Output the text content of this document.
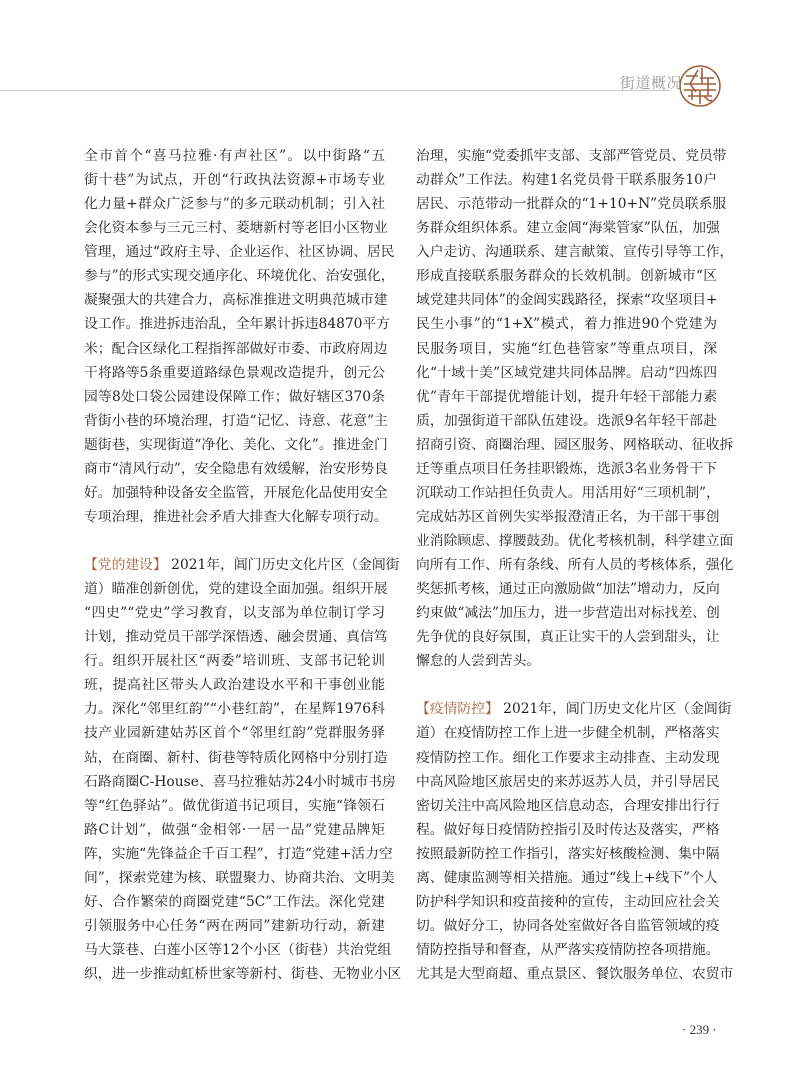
街道概况
全市首个“喜马拉雅·有声社区”。以中街路“五
街十巷”为试点，开创“行政执法资源+市场专业
化力量+群众广泛参与”的多元联动机制；引入社
会化资本参与三元三村、菱塘新村等老旧小区物业
管理，通过“政府主导、企业运作、社区协调、居民
参与”的形式实现交通序化、环境优化、治安强化，
凝聚强大的共建合力，高标准推进文明典范城市建
设工作。推进拆违治乱，全年累计拆违84870平方
米；配合区绿化工程指挥部做好市委、市政府周边
干将路等5条重要道路绿色景观改造提升，创元公
园等8处口袋公园建设保障工作；做好辖区370条
背街小巷的环境治理，打造“记忆、诗意、花意”主
题街巷，实现街道“净化、美化、文化”。推进金门
商市“清风行动”，安全隐患有效缓解，治安形势良
好。加强特种设备安全监管，开展危化品使用安全
专项治理，推进社会矛盾大排查大化解专项行动。
【党的建设】 2021年，阊门历史文化片区（金阊街
道）瞄准创新创优，党的建设全面加强。组织开展
“四史”“党史”学习教育，以支部为单位制订学习
计划，推动党员干部学深悟透、融会贯通、真信笃
行。组织开展社区“两委”培训班、支部书记轮训
班，提高社区带头人政治建设水平和干事创业能
力。深化“邻里红韵”“小巷红韵”，在星辉1976科
技产业园新建姑苏区首个“邻里红韵”党群服务驿
站，在商圈、新村、街巷等特质化网格中分别打造
石路商圈C-House、喜马拉雅姑苏24小时城市书房
等“红色驿站”。做优街道书记项目，实施“锋领石
路C计划”，做强“金相邻·一居一品”党建品牌矩
阵，实施“先锋益企千百工程”，打造“党建+活力空
间”，探索党建为核、联盟聚力、协商共治、文明美
好、合作繁荣的商圈党建“5C”工作法。深化党建
引领服务中心任务“两在两同”建新功行动，新建
马大箓巷、白莲小区等12个小区（街巷）共治党组
织，进一步推动虹桥世家等新村、街巷、无物业小区
治理，实施“党委抓牢支部、支部严管党员、党员带
动群众”工作法。构建1名党员骨干联系服务10户
居民、示范带动一批群众的“1+10+N”党员联系服
务群众组织体系。建立金阊“海棠管家”队伍，加强
入户走访、沟通联系、建言献策、宣传引导等工作，
形成直接联系服务群众的长效机制。创新城市“区
域党建共同体”的金阊实践路径，探索“攻坚项目+
民生小事”的“1+X”模式，着力推进90个党建为
民服务项目，实施“红色巷管家”等重点项目，深
化“十域十美”区域党建共同体品牌。启动“四炼四
优”青年干部提优增能计划，提升年轻干部能力素
质，加强街道干部队伍建设。选派9名年轻干部赴
招商引资、商圈治理、园区服务、网格联动、征收拆
迁等重点项目任务挂职锻炼，选派3名业务骨干下
沉联动工作站担任负责人。用活用好“三项机制”，
完成姑苏区首例失实举报澄清正名，为干部干事创
业消除顾虑、撑腰鼓劲。优化考核机制，科学建立面
向所有工作、所有条线、所有人员的考核体系，强化
奖惩抓考核，通过正向激励做“加法”增动力，反向
约束做“减法”加压力，进一步营造出对标找差、创
先争优的良好氛围，真正让实干的人尝到甜头，让
懈怠的人尝到苦头。
【疫情防控】 2021年，阊门历史文化片区（金阊街
道）在疫情防控工作上进一步健全机制，严格落实
疫情防控工作。细化工作要求主动排查、主动发现
中高风险地区旅居史的来苏返苏人员，并引导居民
密切关注中高风险地区信息动态，合理安排出行行
程。做好每日疫情防控指引及时传达及落实，严格
按照最新防控工作指引，落实好核酸检测、集中隔
离、健康监测等相关措施。通过“线上+线下”个人
防护科学知识和疫苗接种的宣传，主动回应社会关
切。做好分工，协同各处室做好各自监管领域的疫
情防控指导和督查，从严落实疫情防控各项措施。
尤其是大型商超、重点景区、餐饮服务单位、农贸市
· 239 ·
